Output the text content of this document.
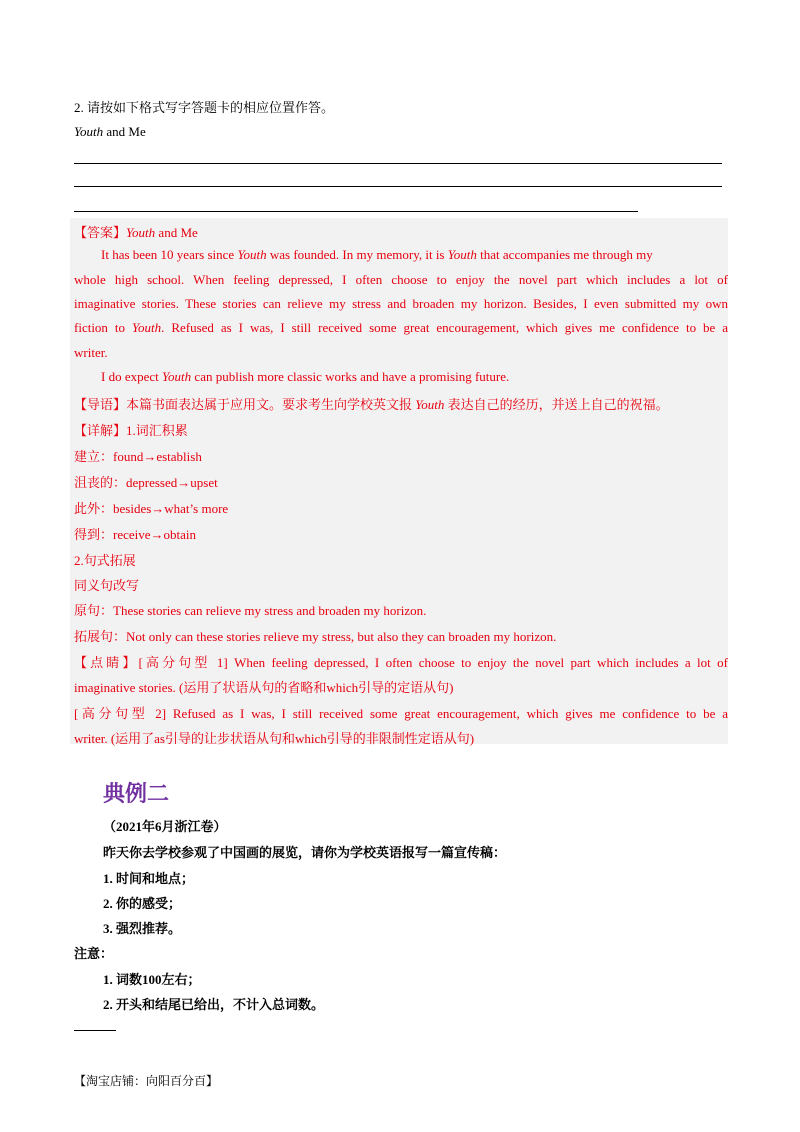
2. 请按如下格式写字答题卡的相应位置作答。
Youth and Me
【答案】Youth and Me
It has been 10 years since Youth was founded. In my memory, it is Youth that accompanies me through my
whole high school. When feeling depressed, I often choose to enjoy the novel part which includes a lot of
imaginative stories. These stories can relieve my stress and broaden my horizon. Besides, I even submitted my own
fiction to Youth. Refused as I was, I still received some great encouragement, which gives me confidence to be a
writer.
I do expect Youth can publish more classic works and have a promising future.
【导语】本篇书面表达属于应用文。要求考生向学校英文报 Youth 表达自己的经历，并送上自己的祝福。
【详解】1.词汇积累
建立：found→establish
沮丧的：depressed→upset
此外：besides→what’s more
得到：receive→obtain
2.句式拓展
同义句改写
原句：These stories can relieve my stress and broaden my horizon.
拓展句：Not only can these stories relieve my stress, but also they can broaden my horizon.
【点睛】[高分句型 1] When feeling depressed, I often choose to enjoy the novel part which includes a lot of
imaginative stories. (运用了状语从句的省略和which引导的定语从句)
[高分句型 2] Refused as I was, I still received some great encouragement, which gives me confidence to be a
writer. (运用了as引导的让步状语从句和which引导的非限制性定语从句)
典例二
（2021年6月浙江卷）
昨天你去学校参观了中国画的展览，请你为学校英语报写一篇宣传稿：
1. 时间和地点；
2. 你的感受；
3. 强烈推荐。
注意：
1. 词数100左右；
2. 开头和结尾已给出，不计入总词数。
【淘宝店铺：向阳百分百】
